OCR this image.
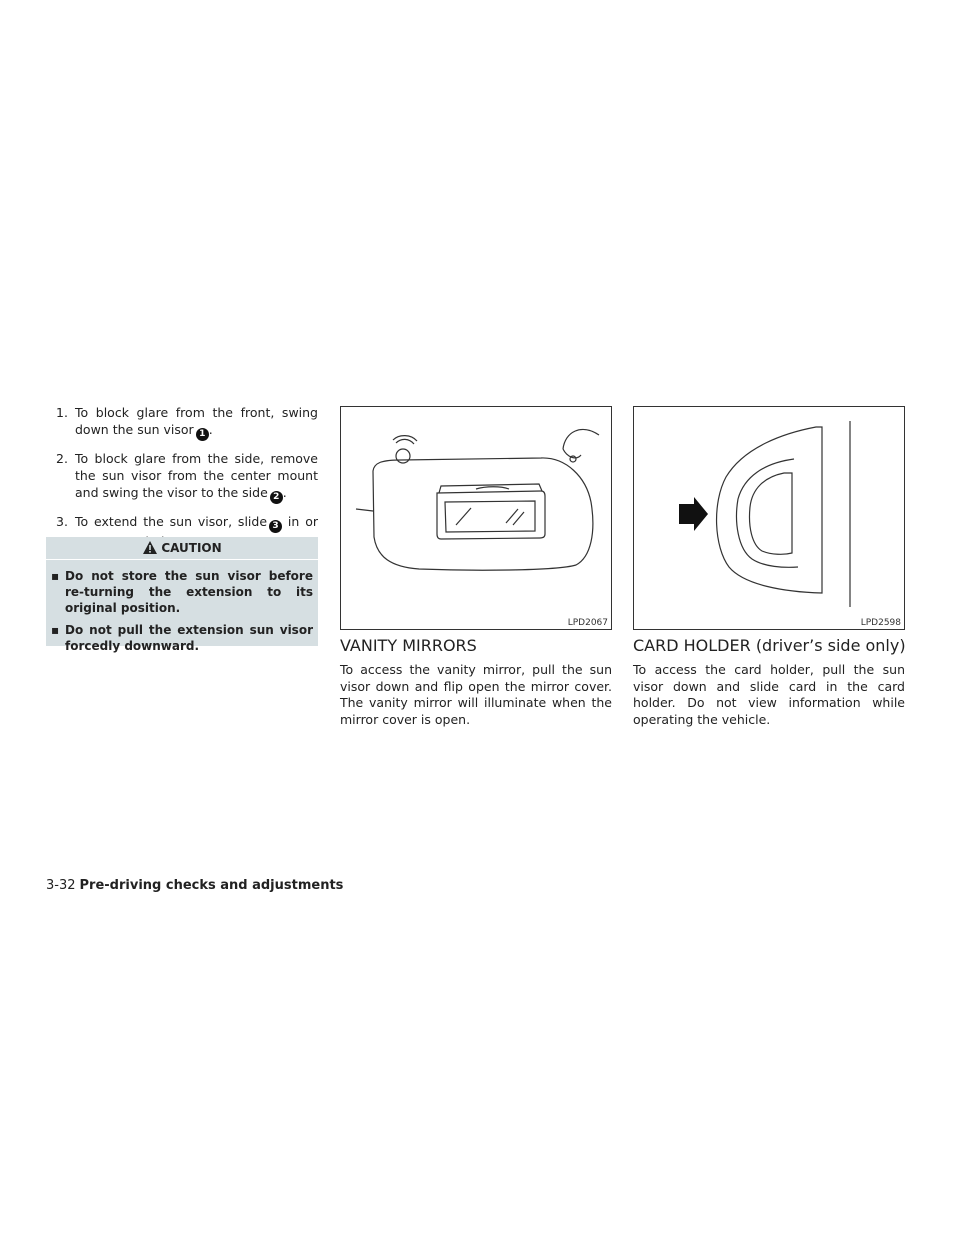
1. To block glare from the front, swing down the sun visor 1 .

2. To block glare from the side, remove the sun visor from the center mount and swing the visor to the side 2 .

3. To extend the sun visor, slide 3 in or

CAUTION
▪ Do not store the sun visor before re-turning the extension to its original position.
▪ Do not pull the extension sun visor forcedly downward.
LPD2067	LPD2598
VANITY MIRRORS

To access the vanity mirror, pull the sun visor down and flip open the mirror cover. The vanity mirror will illuminate when the mirror cover is open.

CARD HOLDER (driver’s side only)

To access the card holder, pull the sun visor down and slide card in the card holder. Do not view information while operating the vehicle.

3-32 Pre-driving checks and adjustments
